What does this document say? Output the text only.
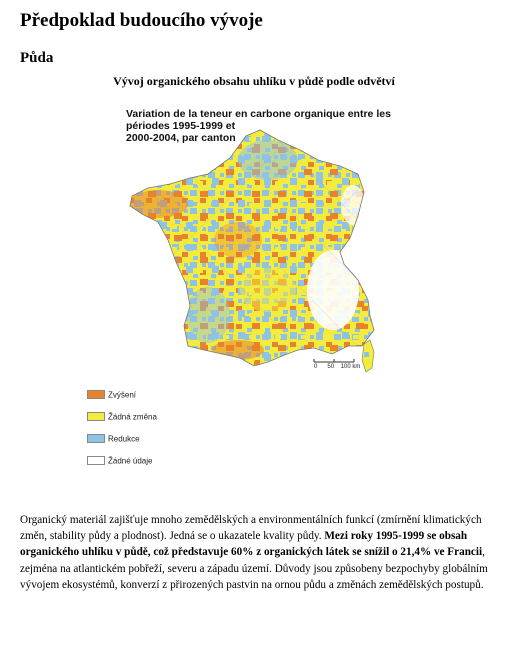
Předpoklad budoucího vývoje
Půda
Vývoj organického obsahu uhlíku v půdě podle odvětví
Variation de la teneur en carbone organique entre les
périodes 1995-1999 et
2000-2004, par canton
0 50 100 km
Zvýšení
Žádná změna
Redukce
Žádné údaje
Organický materiál zajišťuje mnoho zemědělských a environmentálních funkcí (zmírnění klimatických změn, stability půdy a plodnost). Jedná se o ukazatele kvality půdy. Mezi roky 1995-1999 se obsah organického uhlíku v půdě, což představuje 60% z organických látek se snížil o 21,4% ve Francii, zejména na atlantickém pobřeží, severu a západu území. Důvody jsou způsobeny bezpochyby globálním vývojem ekosystémů, konverzí z přirozených pastvin na ornou půdu a změnách zemědělských postupů.
